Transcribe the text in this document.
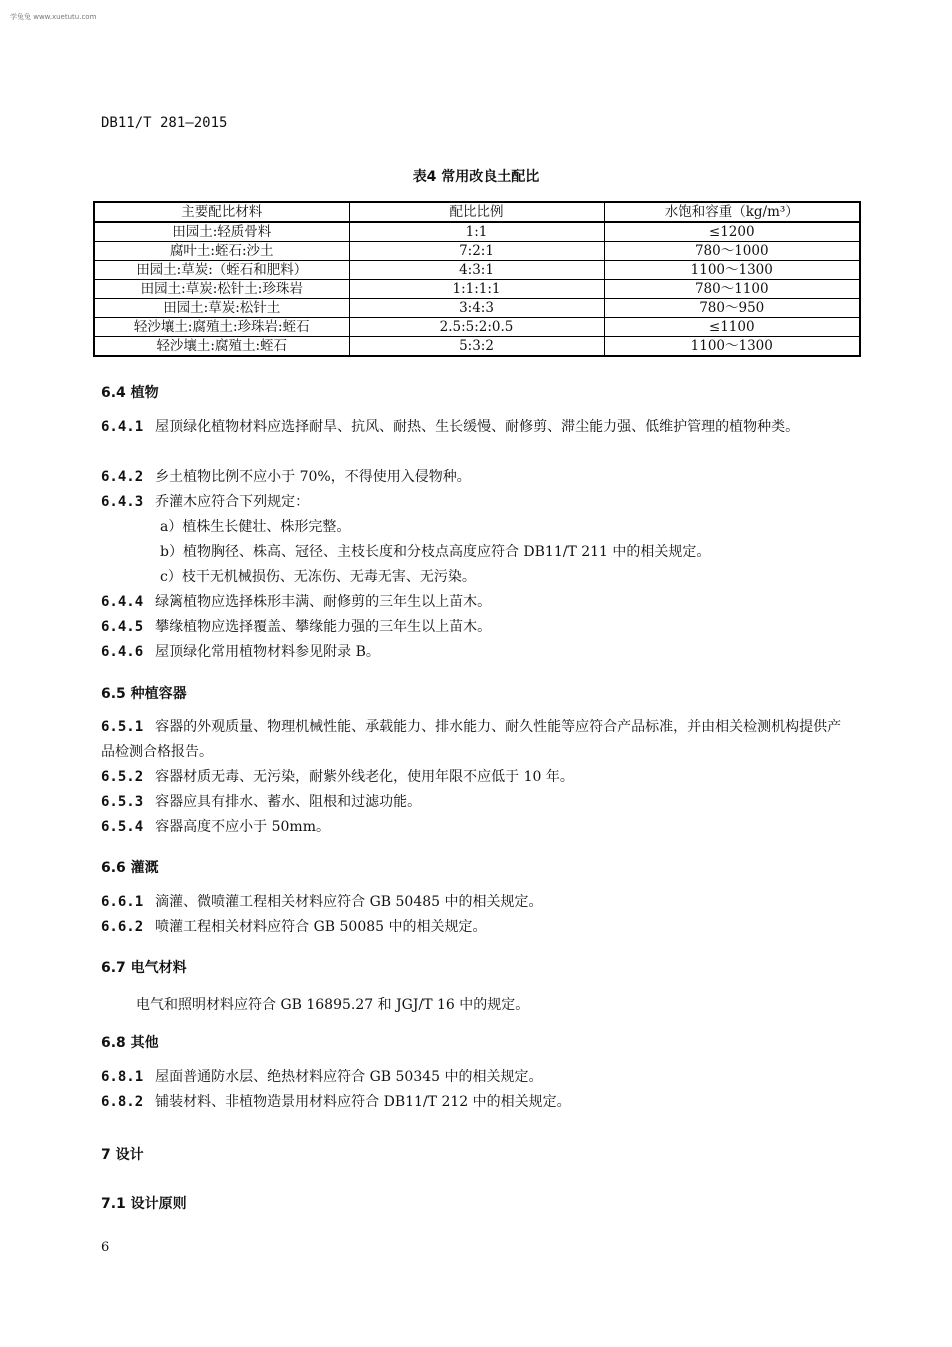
学兔兔 www.xuetutu.com
DB11/T 281—2015
表4 常用改良土配比
主要配比材料	配比比例	水饱和容重（kg/m³）
田园土:轻质骨料	1:1	≤1200
腐叶土:蛭石:沙土	7:2:1	780～1000
田园土:草炭:（蛭石和肥料）	4:3:1	1100～1300
田园土:草炭:松针土:珍珠岩	1:1:1:1	780～1100
田园土:草炭:松针土	3:4:3	780～950
轻沙壤土:腐殖土:珍珠岩:蛭石	2.5:5:2:0.5	≤1100
轻沙壤土:腐殖土:蛭石	5:3:2	1100～1300
6.4 植物
6.4.1 屋顶绿化植物材料应选择耐旱、抗风、耐热、生长缓慢、耐修剪、滞尘能力强、低维护管理的植物种类。
6.4.2 乡土植物比例不应小于 70%，不得使用入侵物种。
6.4.3 乔灌木应符合下列规定：
a）植株生长健壮、株形完整。
b）植物胸径、株高、冠径、主枝长度和分枝点高度应符合 DB11/T 211 中的相关规定。
c）枝干无机械损伤、无冻伤、无毒无害、无污染。
6.4.4 绿篱植物应选择株形丰满、耐修剪的三年生以上苗木。
6.4.5 攀缘植物应选择覆盖、攀缘能力强的三年生以上苗木。
6.4.6 屋顶绿化常用植物材料参见附录 B。
6.5 种植容器
6.5.1 容器的外观质量、物理机械性能、承载能力、排水能力、耐久性能等应符合产品标准，并由相关检测机构提供产品检测合格报告。
6.5.2 容器材质无毒、无污染，耐紫外线老化，使用年限不应低于 10 年。
6.5.3 容器应具有排水、蓄水、阻根和过滤功能。
6.5.4 容器高度不应小于 50mm。
6.6 灌溉
6.6.1 滴灌、微喷灌工程相关材料应符合 GB 50485 中的相关规定。
6.6.2 喷灌工程相关材料应符合 GB 50085 中的相关规定。
6.7 电气材料
电气和照明材料应符合 GB 16895.27 和 JGJ/T 16 中的规定。
6.8 其他
6.8.1 屋面普通防水层、绝热材料应符合 GB 50345 中的相关规定。
6.8.2 铺装材料、非植物造景用材料应符合 DB11/T 212 中的相关规定。
7 设计
7.1 设计原则
6
